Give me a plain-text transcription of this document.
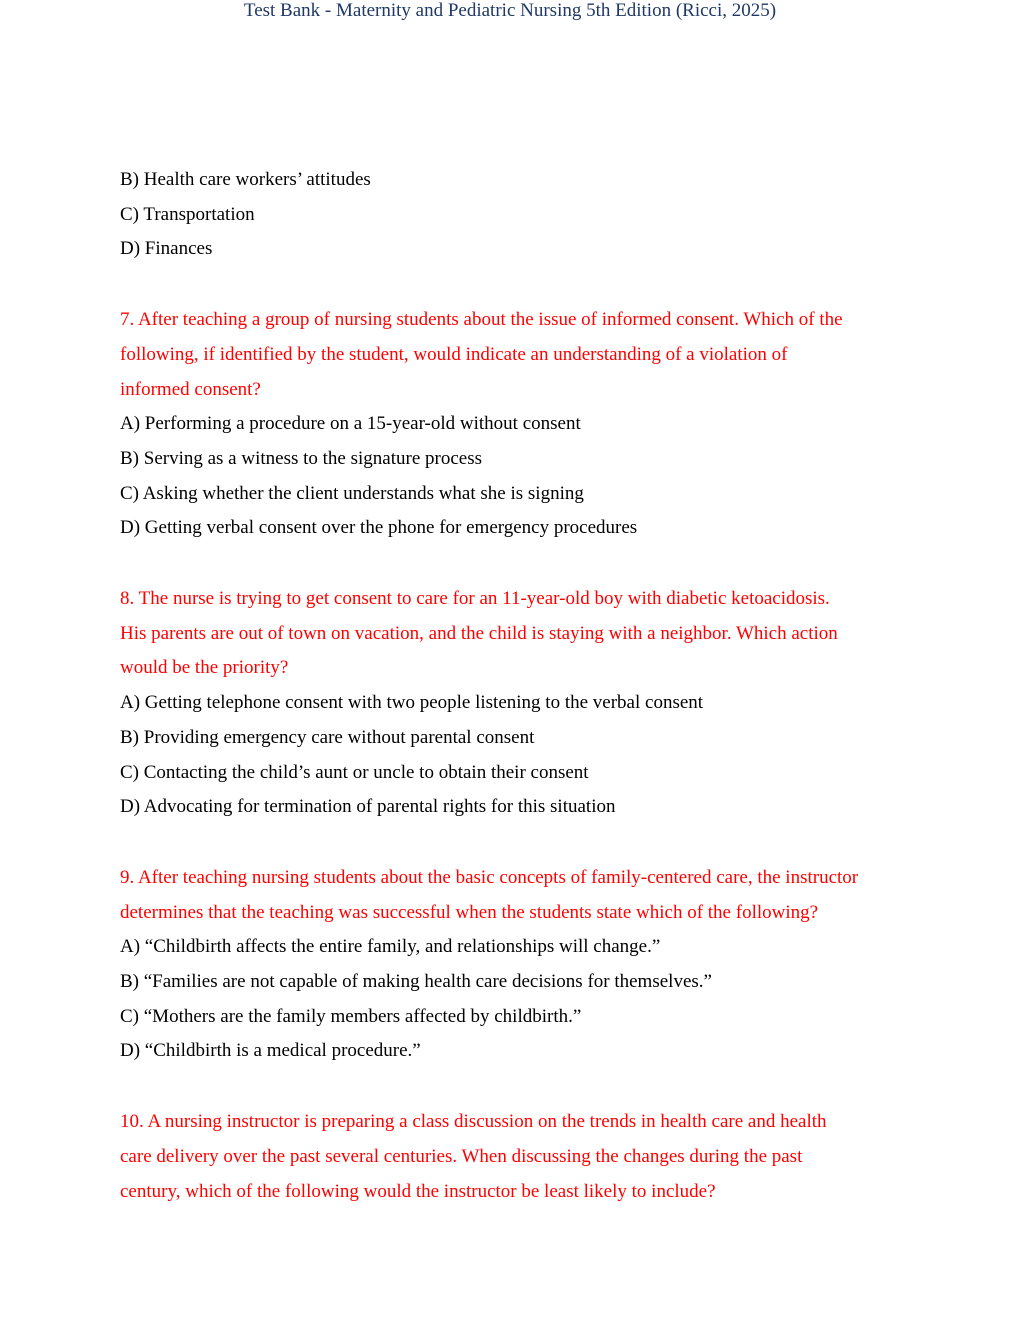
Test Bank - Maternity and Pediatric Nursing 5th Edition (Ricci, 2025)
B) Health care workers’ attitudes
C) Transportation
D) Finances
7. After teaching a group of nursing students about the issue of informed consent. Which of the
following, if identified by the student, would indicate an understanding of a violation of
informed consent?
A) Performing a procedure on a 15-year-old without consent
B) Serving as a witness to the signature process
C) Asking whether the client understands what she is signing
D) Getting verbal consent over the phone for emergency procedures
8. The nurse is trying to get consent to care for an 11-year-old boy with diabetic ketoacidosis.
His parents are out of town on vacation, and the child is staying with a neighbor. Which action
would be the priority?
A) Getting telephone consent with two people listening to the verbal consent
B) Providing emergency care without parental consent
C) Contacting the child’s aunt or uncle to obtain their consent
D) Advocating for termination of parental rights for this situation
9. After teaching nursing students about the basic concepts of family-centered care, the instructor
determines that the teaching was successful when the students state which of the following?
A) “Childbirth affects the entire family, and relationships will change.”
B) “Families are not capable of making health care decisions for themselves.”
C) “Mothers are the family members affected by childbirth.”
D) “Childbirth is a medical procedure.”
10. A nursing instructor is preparing a class discussion on the trends in health care and health
care delivery over the past several centuries. When discussing the changes during the past
century, which of the following would the instructor be least likely to include?
